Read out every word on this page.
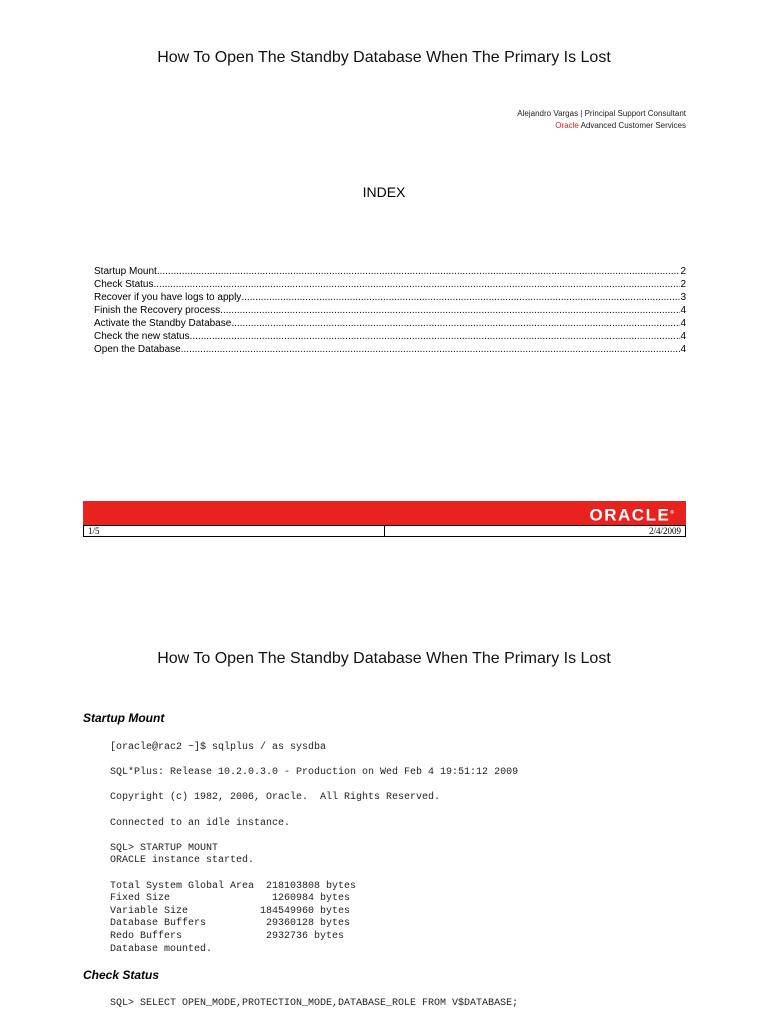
How To Open The Standby Database When The Primary Is Lost
Alejandro Vargas | Principal Support Consultant
Oracle Advanced Customer Services
INDEX
Startup Mount .....	2
Check Status .....	2
Recover if you have logs to apply .....	3
Finish the Recovery process .....	4
Activate the Standby Database .....	4
Check the new status .....	4
Open the Database .....	4
ORACLE®
1/5	2/4/2009
How To Open The Standby Database When The Primary Is Lost
Startup Mount
[oracle@rac2 ~]$ sqlplus / as sysdba

SQL*Plus: Release 10.2.0.3.0 - Production on Wed Feb 4 19:51:12 2009

Copyright (c) 1982, 2006, Oracle.  All Rights Reserved.

Connected to an idle instance.

SQL> STARTUP MOUNT
ORACLE instance started.

Total System Global Area  218103808 bytes
Fixed Size                 1260984 bytes
Variable Size            184549960 bytes
Database Buffers          29360128 bytes
Redo Buffers              2932736 bytes
Database mounted.
Check Status
SQL> SELECT OPEN_MODE,PROTECTION_MODE,DATABASE_ROLE FROM V$DATABASE;
